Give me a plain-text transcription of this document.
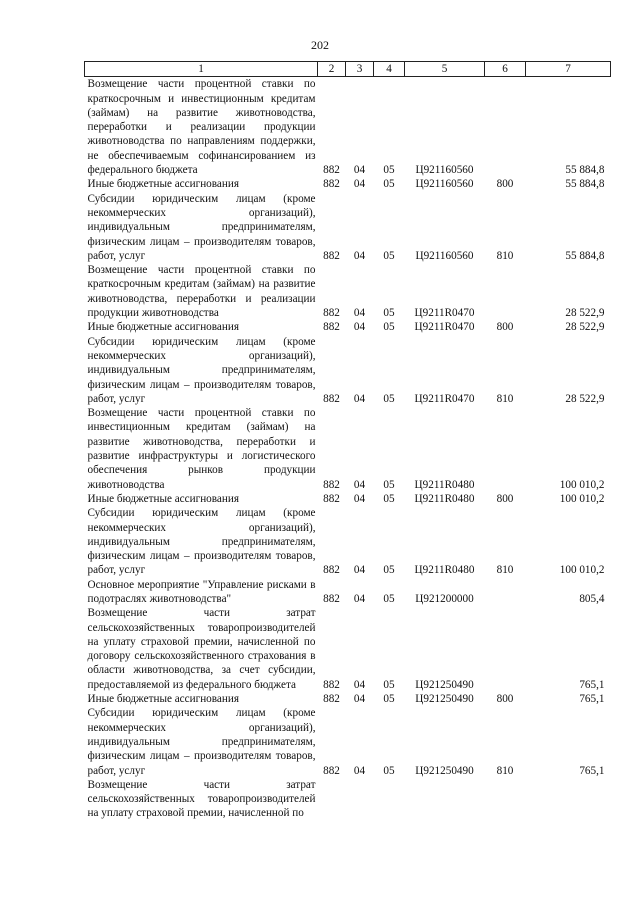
202
1	2	3	4	5	6	7
Возмещение части процентной ставки по краткосрочным и инвестиционным кредитам (займам) на развитие животноводства, переработки и реализации продукции животноводства по направлениям поддержки, не обеспечиваемым софинансированием из федерального бюджета	882	04	05	Ц921160560		55 884,8
Иные бюджетные ассигнования	882	04	05	Ц921160560	800	55 884,8
Субсидии юридическим лицам (кроме некоммерческих организаций), индивидуальным предпринимателям, физическим лицам – производителям товаров, работ, услуг	882	04	05	Ц921160560	810	55 884,8
Возмещение части процентной ставки по краткосрочным кредитам (займам) на развитие животноводства, переработки и реализации продукции животноводства	882	04	05	Ц9211R0470		28 522,9
Иные бюджетные ассигнования	882	04	05	Ц9211R0470	800	28 522,9
Субсидии юридическим лицам (кроме некоммерческих организаций), индивидуальным предпринимателям, физическим лицам – производителям товаров, работ, услуг	882	04	05	Ц9211R0470	810	28 522,9
Возмещение части процентной ставки по инвестиционным кредитам (займам) на развитие животноводства, переработки и развитие инфраструктуры и логистического обеспечения рынков продукции животноводства	882	04	05	Ц9211R0480		100 010,2
Иные бюджетные ассигнования	882	04	05	Ц9211R0480	800	100 010,2
Субсидии юридическим лицам (кроме некоммерческих организаций), индивидуальным предпринимателям, физическим лицам – производителям товаров, работ, услуг	882	04	05	Ц9211R0480	810	100 010,2
Основное мероприятие "Управление рисками в подотраслях животноводства"	882	04	05	Ц921200000		805,4
Возмещение части затрат сельскохозяйственных товаропроизводителей на уплату страховой премии, начисленной по договору сельскохозяйственного страхования в области животноводства, за счет субсидии, предоставляемой из федерального бюджета	882	04	05	Ц921250490		765,1
Иные бюджетные ассигнования	882	04	05	Ц921250490	800	765,1
Субсидии юридическим лицам (кроме некоммерческих организаций), индивидуальным предпринимателям, физическим лицам – производителям товаров, работ, услуг	882	04	05	Ц921250490	810	765,1
Возмещение части затрат сельскохозяйственных товаропроизводителей на уплату страховой премии, начисленной по						
